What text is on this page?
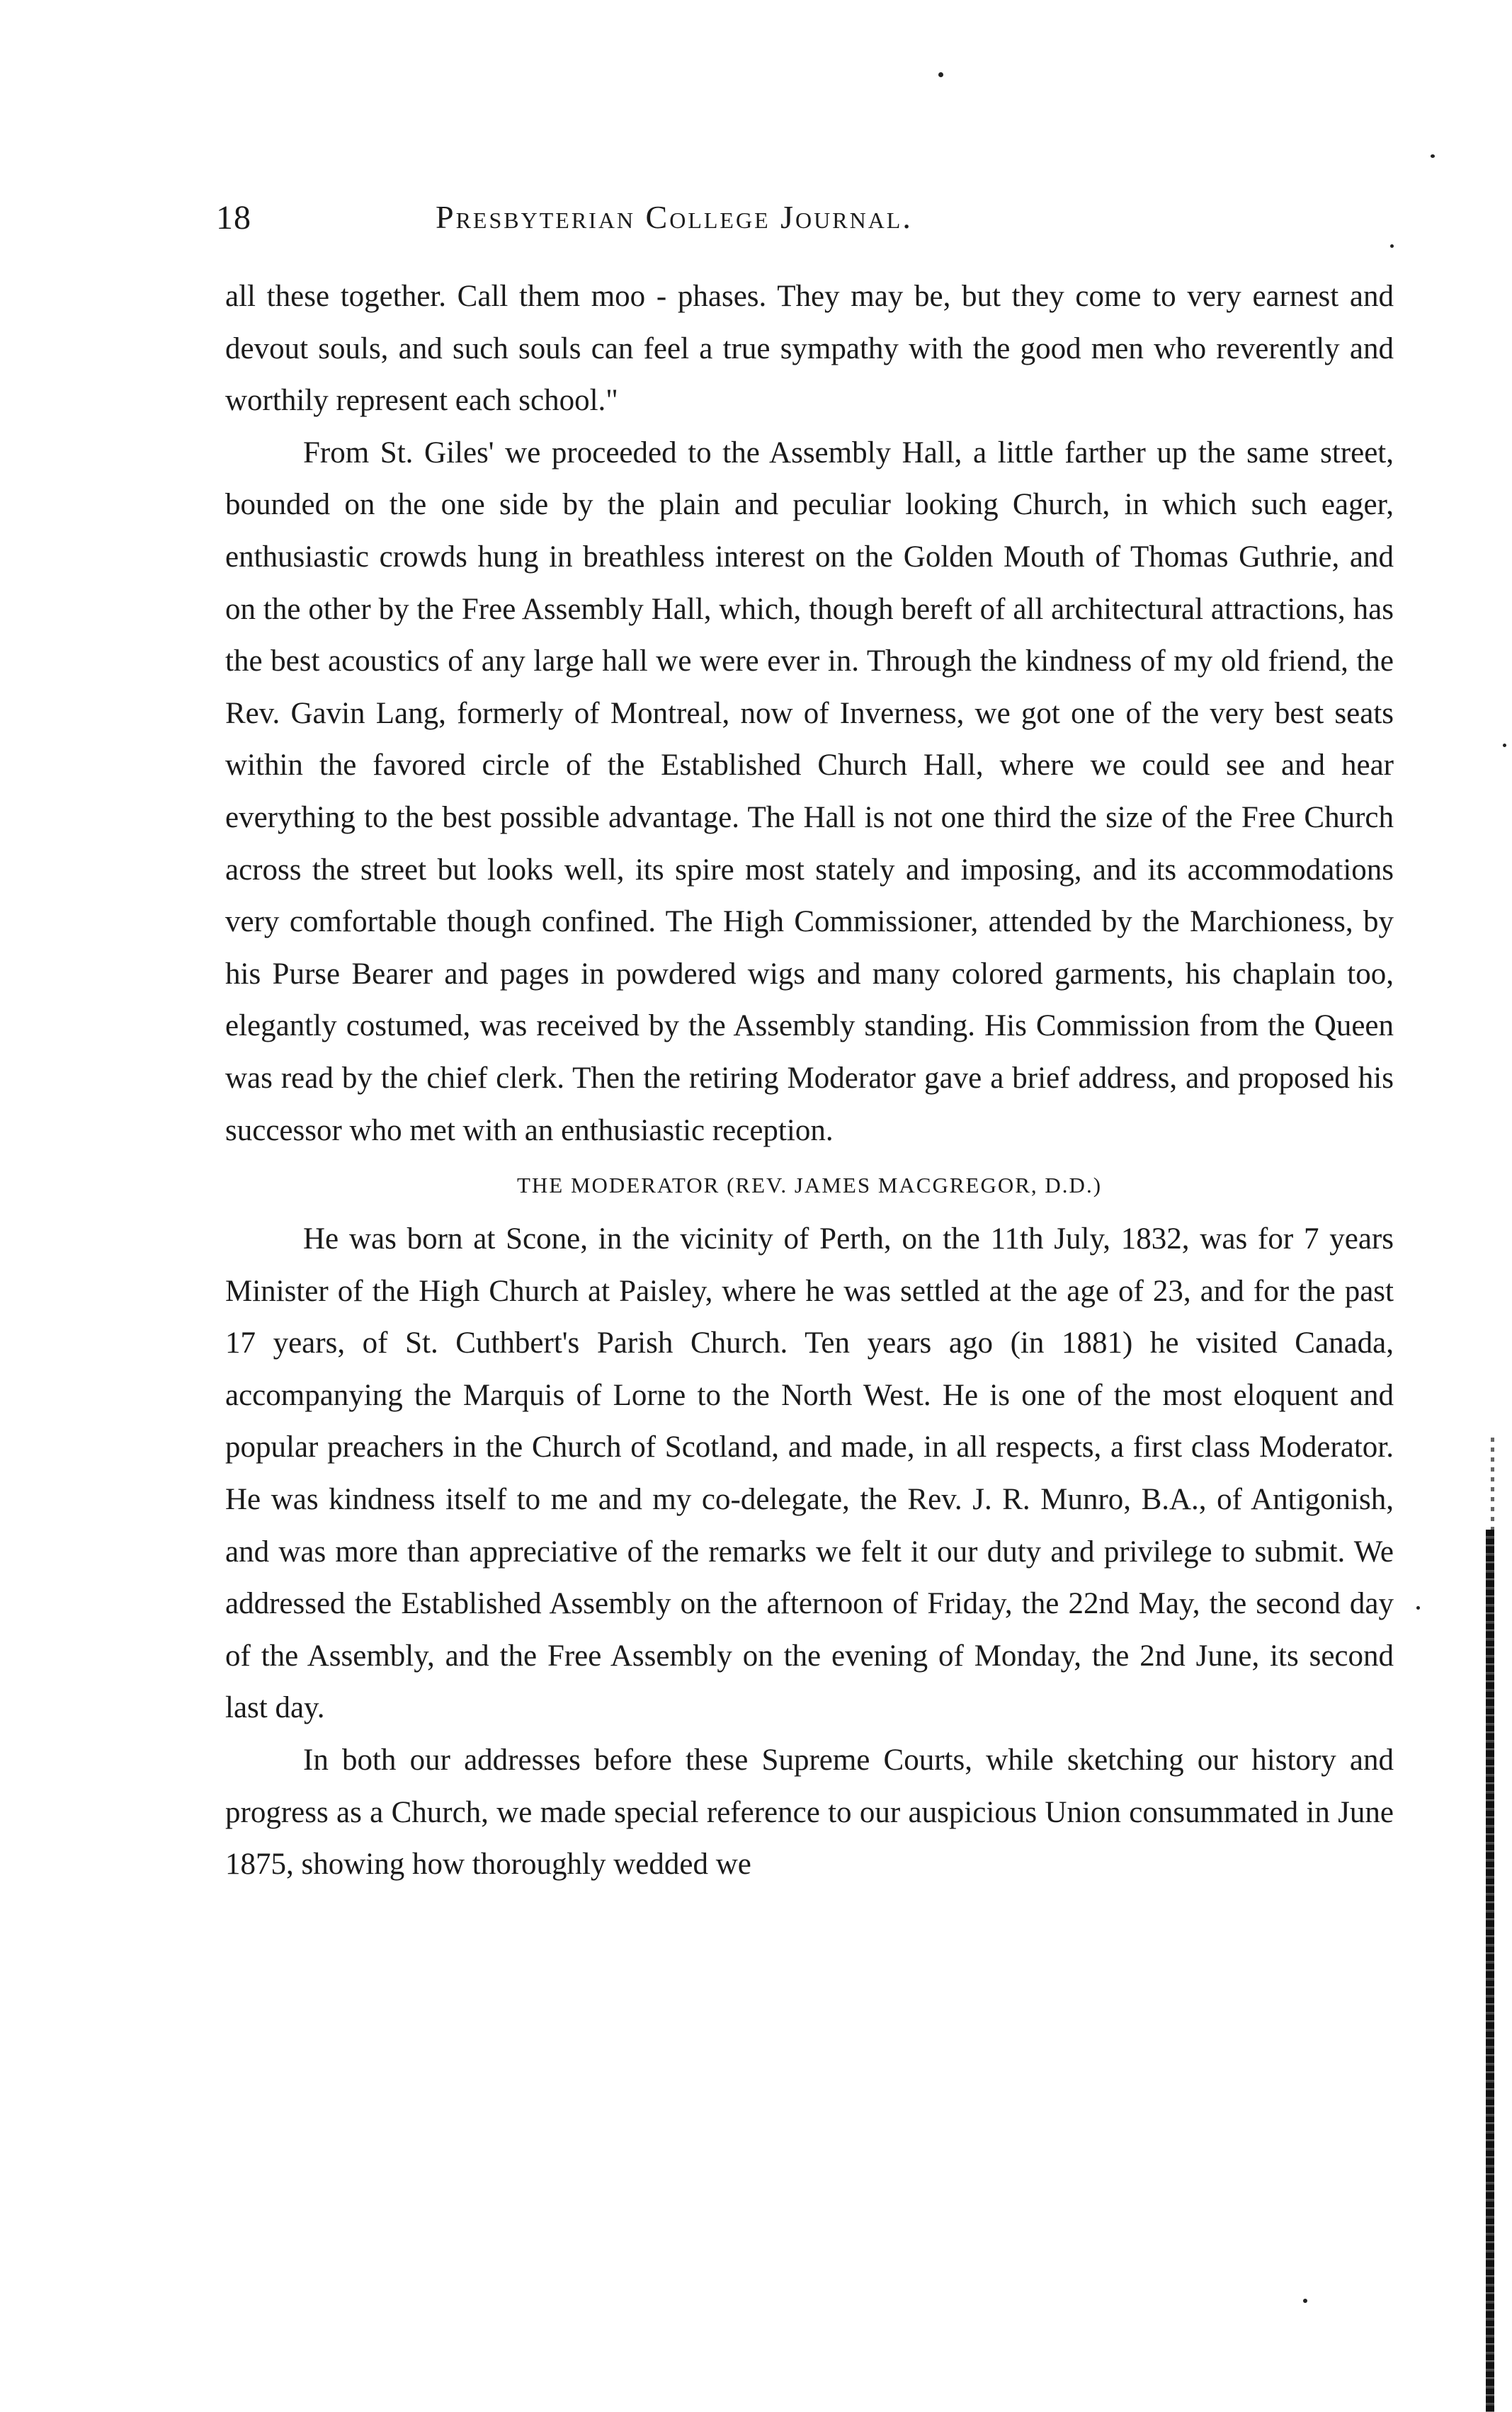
18	Presbyterian College Journal.

all these together. Call them moo - phases. They may be, but they come to very earnest and devout souls, and such souls can feel a true sympathy with the good men who reverently and worthily represent each school."

From St. Giles' we proceeded to the Assembly Hall, a little farther up the same street, bounded on the one side by the plain and peculiar looking Church, in which such eager, enthusiastic crowds hung in breathless interest on the Golden Mouth of Thomas Guthrie, and on the other by the Free Assembly Hall, which, though bereft of all architectural attractions, has the best acoustics of any large hall we were ever in. Through the kindness of my old friend, the Rev. Gavin Lang, formerly of Montreal, now of Inverness, we got one of the very best seats within the favored circle of the Established Church Hall, where we could see and hear everything to the best possible advantage. The Hall is not one third the size of the Free Church across the street but looks well, its spire most stately and imposing, and its accommodations very comfortable though confined. The High Commissioner, attended by the Marchioness, by his Purse Bearer and pages in powdered wigs and many colored garments, his chaplain too, elegantly costumed, was received by the Assembly standing. His Commission from the Queen was read by the chief clerk. Then the retiring Moderator gave a brief address, and proposed his successor who met with an enthusiastic reception.

THE MODERATOR (REV. JAMES MACGREGOR, D.D.)

He was born at Scone, in the vicinity of Perth, on the 11th July, 1832, was for 7 years Minister of the High Church at Paisley, where he was settled at the age of 23, and for the past 17 years, of St. Cuthbert's Parish Church. Ten years ago (in 1881) he visited Canada, accompanying the Marquis of Lorne to the North West. He is one of the most eloquent and popular preachers in the Church of Scotland, and made, in all respects, a first class Moderator. He was kindness itself to me and my co-delegate, the Rev. J. R. Munro, B.A., of Antigonish, and was more than appreciative of the remarks we felt it our duty and privilege to submit. We addressed the Established Assembly on the afternoon of Friday, the 22nd May, the second day of the Assembly, and the Free Assembly on the evening of Monday, the 2nd June, its second last day.

In both our addresses before these Supreme Courts, while sketching our history and progress as a Church, we made special reference to our auspicious Union consummated in June 1875, showing how thoroughly wedded we
